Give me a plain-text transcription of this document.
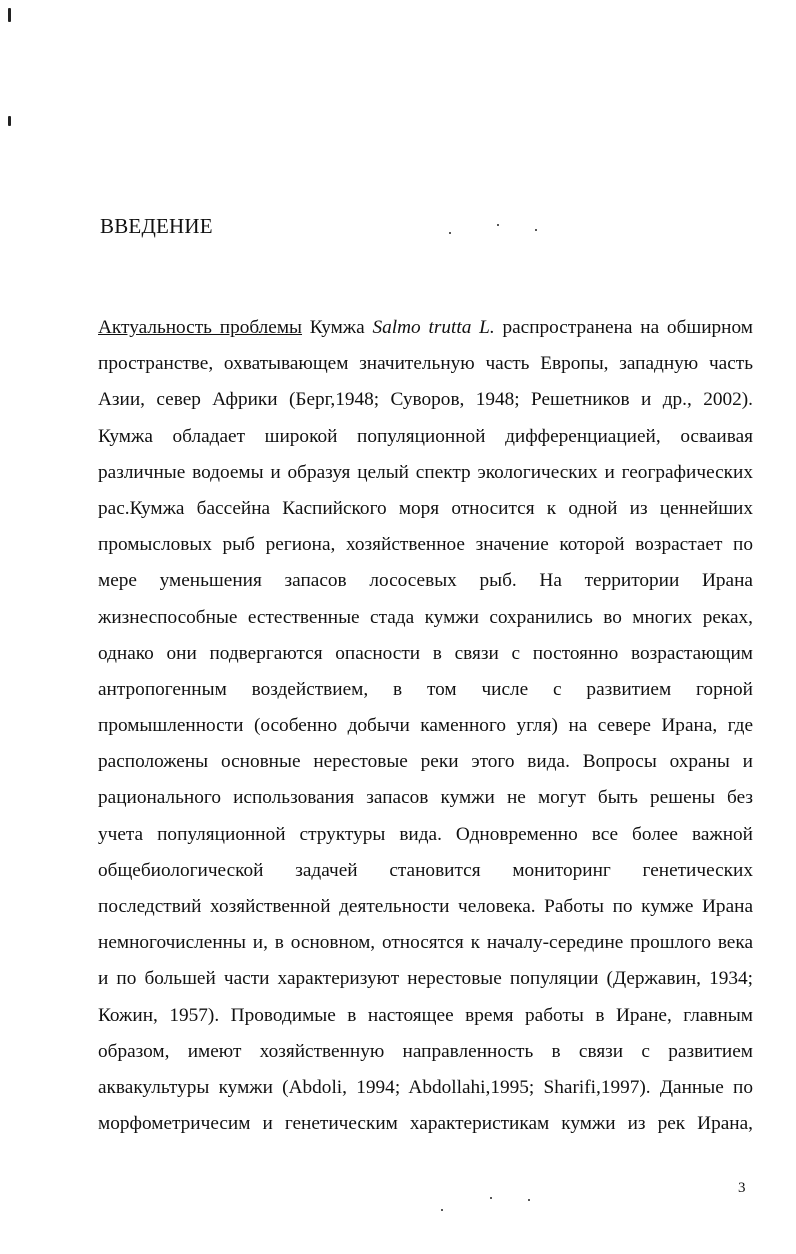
ВВЕДЕНИЕ
Актуальность проблемы Кумжа Salmo trutta L. распространена на обширном
пространстве, охватывающем значительную часть Европы, западную часть
Азии, север Африки (Берг,1948; Суворов, 1948; Решетников и др., 2002).
Кумжа обладает широкой популяционной дифференциацией, осваивая
различные водоемы и образуя целый спектр экологических и географических
рас.Кумжа бассейна Каспийского моря относится к одной из ценнейших
промысловых рыб региона, хозяйственное значение которой возрастает по
мере уменьшения запасов лососевых рыб. На территории Ирана
жизнеспособные естественные стада кумжи сохранились во многих реках,
однако они подвергаются опасности в связи с постоянно возрастающим
антропогенным воздействием, в том числе с развитием горной
промышленности (особенно добычи каменного угля) на севере Ирана, где
расположены основные нерестовые реки этого вида. Вопросы охраны и
рационального использования запасов кумжи не могут быть решены без
учета популяционной структуры вида. Одновременно все более важной
общебиологической задачей становится мониторинг генетических
последствий хозяйственной деятельности человека. Работы по кумже Ирана
немногочисленны и, в основном, относятся к началу-середине прошлого века
и по большей части характеризуют нерестовые популяции (Державин, 1934;
Кожин, 1957). Проводимые в настоящее время работы в Иране, главным
образом, имеют хозяйственную направленность в связи с развитием
аквакультуры кумжи (Abdoli, 1994; Abdollahi,1995; Sharifi,1997). Данные по
морфометричесим и генетическим характеристикам кумжи из рек Ирана,
3
